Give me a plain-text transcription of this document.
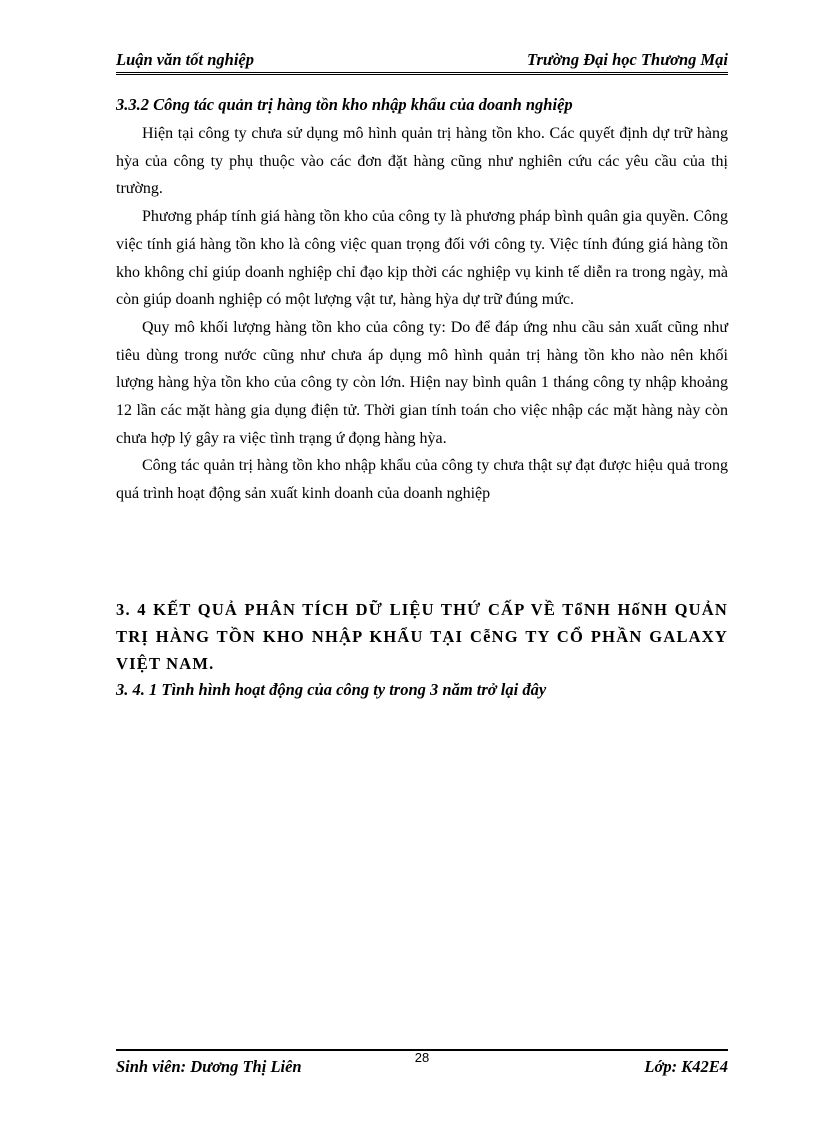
Luận văn tốt nghiệp	Trường Đại học Thương Mại
3.3.2 Công tác quản trị hàng tồn kho nhập khẩu của doanh nghiệp

Hiện tại công ty chưa sử dụng mô hình quản trị hàng tồn kho. Các quyết định dự trữ hàng hỳa của công ty phụ thuộc vào các đơn đặt hàng cũng như nghiên cứu các yêu cầu của thị trường.

Phương pháp tính giá hàng tồn kho của công ty là phương pháp bình quân gia quyền. Công việc tính giá hàng tồn kho là công việc quan trọng đối với công ty. Việc tính đúng giá hàng tồn kho không chỉ giúp doanh nghiệp chỉ đạo kịp thời các nghiệp vụ kinh tế diễn ra trong ngày, mà còn giúp doanh nghiệp có một lượng vật tư, hàng hỳa dự trữ đúng mức.

Quy mô khối lượng hàng tồn kho của công ty: Do để đáp ứng nhu cầu sản xuất cũng như tiêu dùng trong nước cũng như chưa áp dụng mô hình quản trị hàng tồn kho nào nên khối lượng hàng hỳa tồn kho của công ty còn lớn. Hiện nay bình quân 1 tháng công ty nhập khoảng 12 lần các mặt hàng gia dụng điện tử. Thời gian tính toán cho việc nhập các mặt hàng này còn chưa hợp lý gây ra việc tình trạng ứ đọng hàng hỳa.

Công tác quản trị hàng tồn kho nhập khẩu của công ty chưa thật sự đạt được hiệu quả trong quá trình hoạt động sản xuất kinh doanh của doanh nghiệp

3. 4 KẾT QUẢ PHÂN TÍCH DỮ LIỆU THỨ CẤP VỀ TổNH HốNH QUẢN TRỊ HÀNG TỒN KHO NHẬP KHẨU TẠI CễNG TY CỔ PHẦN GALAXY VIỆT NAM.
3. 4. 1 Tình hình hoạt động của công ty trong 3 năm trở lại đây
Sinh viên: Dương Thị Liên	28	Lớp: K42E4
